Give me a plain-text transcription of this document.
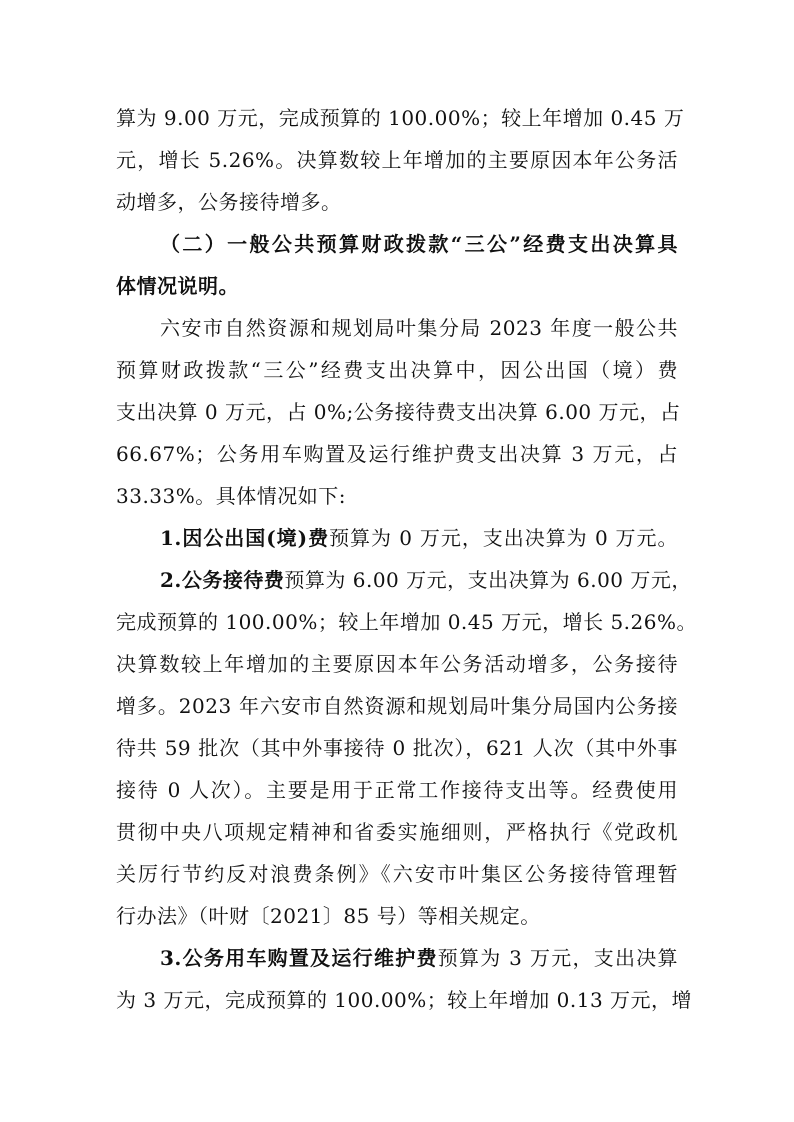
算为 9.00 万元，完成预算的 100.00%；较上年增加 0.45 万
元，增长 5.26%。决算数较上年增加的主要原因本年公务活
动增多，公务接待增多。
（二）一般公共预算财政拨款“三公”经费支出决算具
体情况说明。
六安市自然资源和规划局叶集分局 2023 年度一般公共
预算财政拨款“三公”经费支出决算中，因公出国（境）费
支出决算 0 万元，占 0%;公务接待费支出决算 6.00 万元，占
66.67%；公务用车购置及运行维护费支出决算 3 万元，占
33.33%。具体情况如下:
1.因公出国(境)费预算为 0 万元，支出决算为 0 万元。
2.公务接待费预算为 6.00 万元，支出决算为 6.00 万元，
完成预算的 100.00%；较上年增加 0.45 万元，增长 5.26%。
决算数较上年增加的主要原因本年公务活动增多，公务接待
增多。2023 年六安市自然资源和规划局叶集分局国内公务接
待共 59 批次（其中外事接待 0 批次），621 人次（其中外事
接待 0 人次）。主要是用于正常工作接待支出等。经费使用
贯彻中央八项规定精神和省委实施细则，严格执行《党政机
关厉行节约反对浪费条例》《六安市叶集区公务接待管理暂
行办法》（叶财〔2021〕85 号）等相关规定。
3.公务用车购置及运行维护费预算为 3 万元，支出决算
为 3 万元，完成预算的 100.00%；较上年增加 0.13 万元，增
